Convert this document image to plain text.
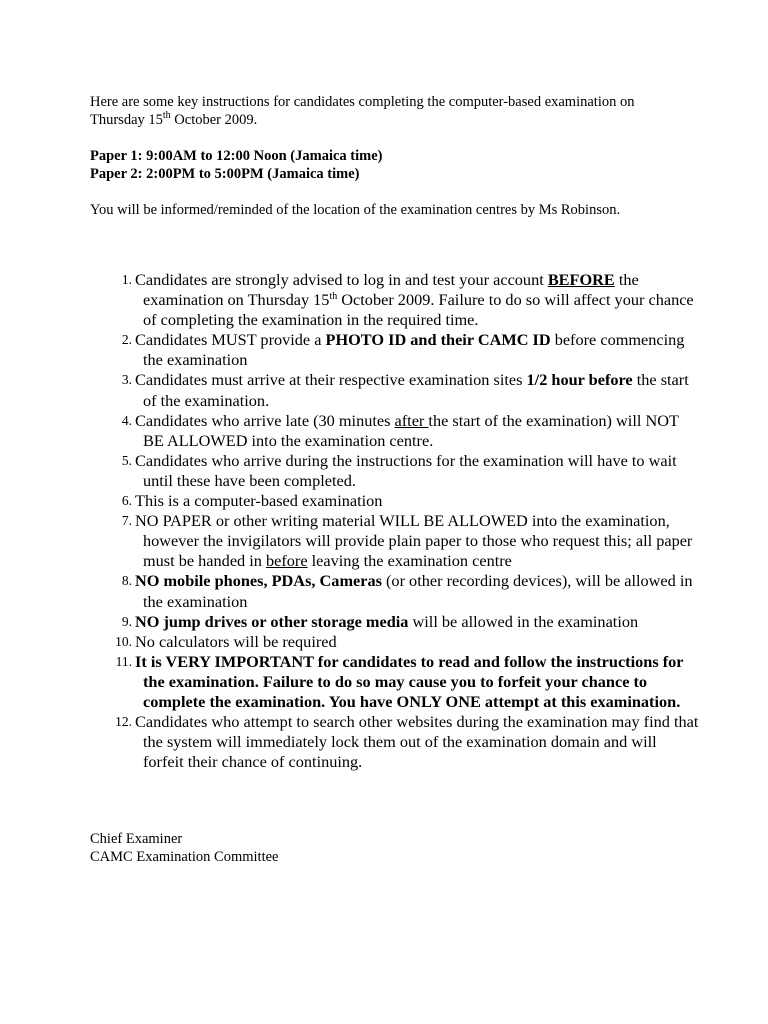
Here are some key instructions for candidates completing the computer-based examination on Thursday 15th October 2009.
Paper 1: 9:00AM to 12:00 Noon (Jamaica time)
Paper 2: 2:00PM to 5:00PM (Jamaica time)
You will be informed/reminded of the location of the examination centres by Ms Robinson.
1. Candidates are strongly advised to log in and test your account BEFORE the examination on Thursday 15th October 2009. Failure to do so will affect your chance of completing the examination in the required time.
2. Candidates MUST provide a PHOTO ID and their CAMC ID before commencing the examination
3. Candidates must arrive at their respective examination sites 1/2 hour before the start of the examination.
4. Candidates who arrive late (30 minutes after the start of the examination) will NOT BE ALLOWED into the examination centre.
5. Candidates who arrive during the instructions for the examination will have to wait until these have been completed.
6. This is a computer-based examination
7. NO PAPER or other writing material WILL BE ALLOWED into the examination, however the invigilators will provide plain paper to those who request this; all paper must be handed in before leaving the examination centre
8. NO mobile phones, PDAs, Cameras (or other recording devices), will be allowed in the examination
9. NO jump drives or other storage media will be allowed in the examination
10. No calculators will be required
11. It is VERY IMPORTANT for candidates to read and follow the instructions for the examination. Failure to do so may cause you to forfeit your chance to complete the examination. You have ONLY ONE attempt at this examination.
12. Candidates who attempt to search other websites during the examination may find that the system will immediately lock them out of the examination domain and will forfeit their chance of continuing.
Chief Examiner
CAMC Examination Committee
